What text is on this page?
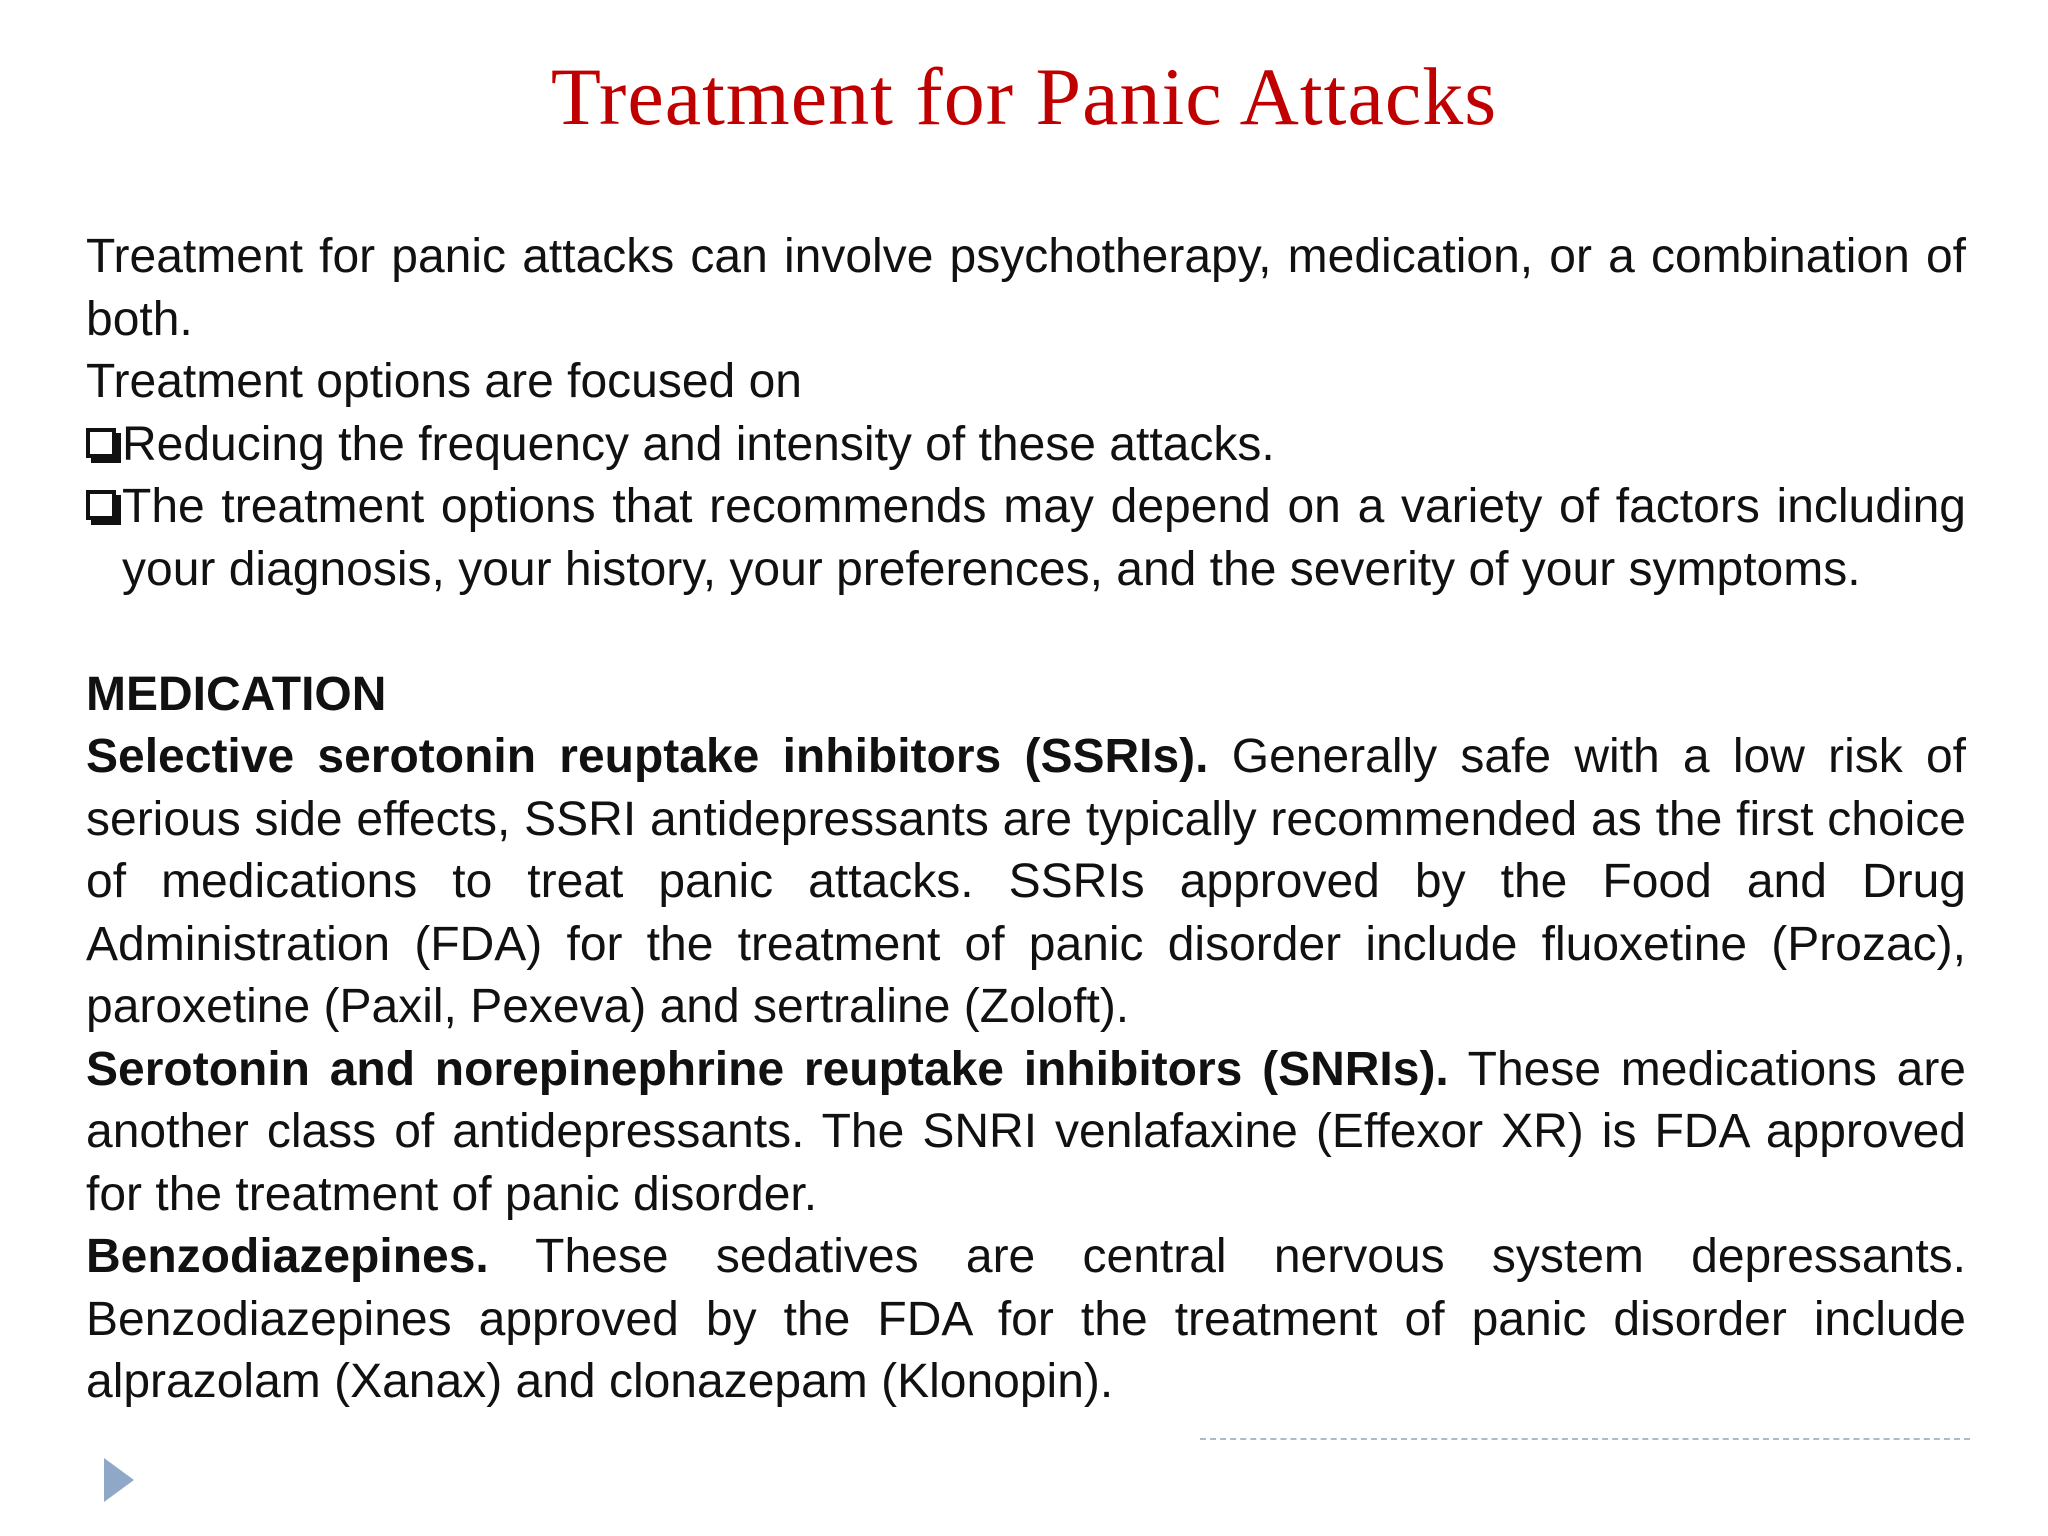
Treatment for Panic Attacks

Treatment for panic attacks can involve psychotherapy, medication, or a combination of both.

Treatment options are focused on

Reducing the frequency and intensity of these attacks.
The treatment options that recommends may depend on a variety of factors including your diagnosis, your history, your preferences, and the severity of your symptoms.

MEDICATION

Selective serotonin reuptake inhibitors (SSRIs). Generally safe with a low risk of serious side effects, SSRI antidepressants are typically recommended as the first choice of medications to treat panic attacks. SSRIs approved by the Food and Drug Administration (FDA) for the treatment of panic disorder include fluoxetine (Prozac), paroxetine (Paxil, Pexeva) and sertraline (Zoloft).

Serotonin and norepinephrine reuptake inhibitors (SNRIs). These medications are another class of antidepressants. The SNRI venlafaxine (Effexor XR) is FDA approved for the treatment of panic disorder.

Benzodiazepines. These sedatives are central nervous system depressants. Benzodiazepines approved by the FDA for the treatment of panic disorder include alprazolam (Xanax) and clonazepam (Klonopin).
